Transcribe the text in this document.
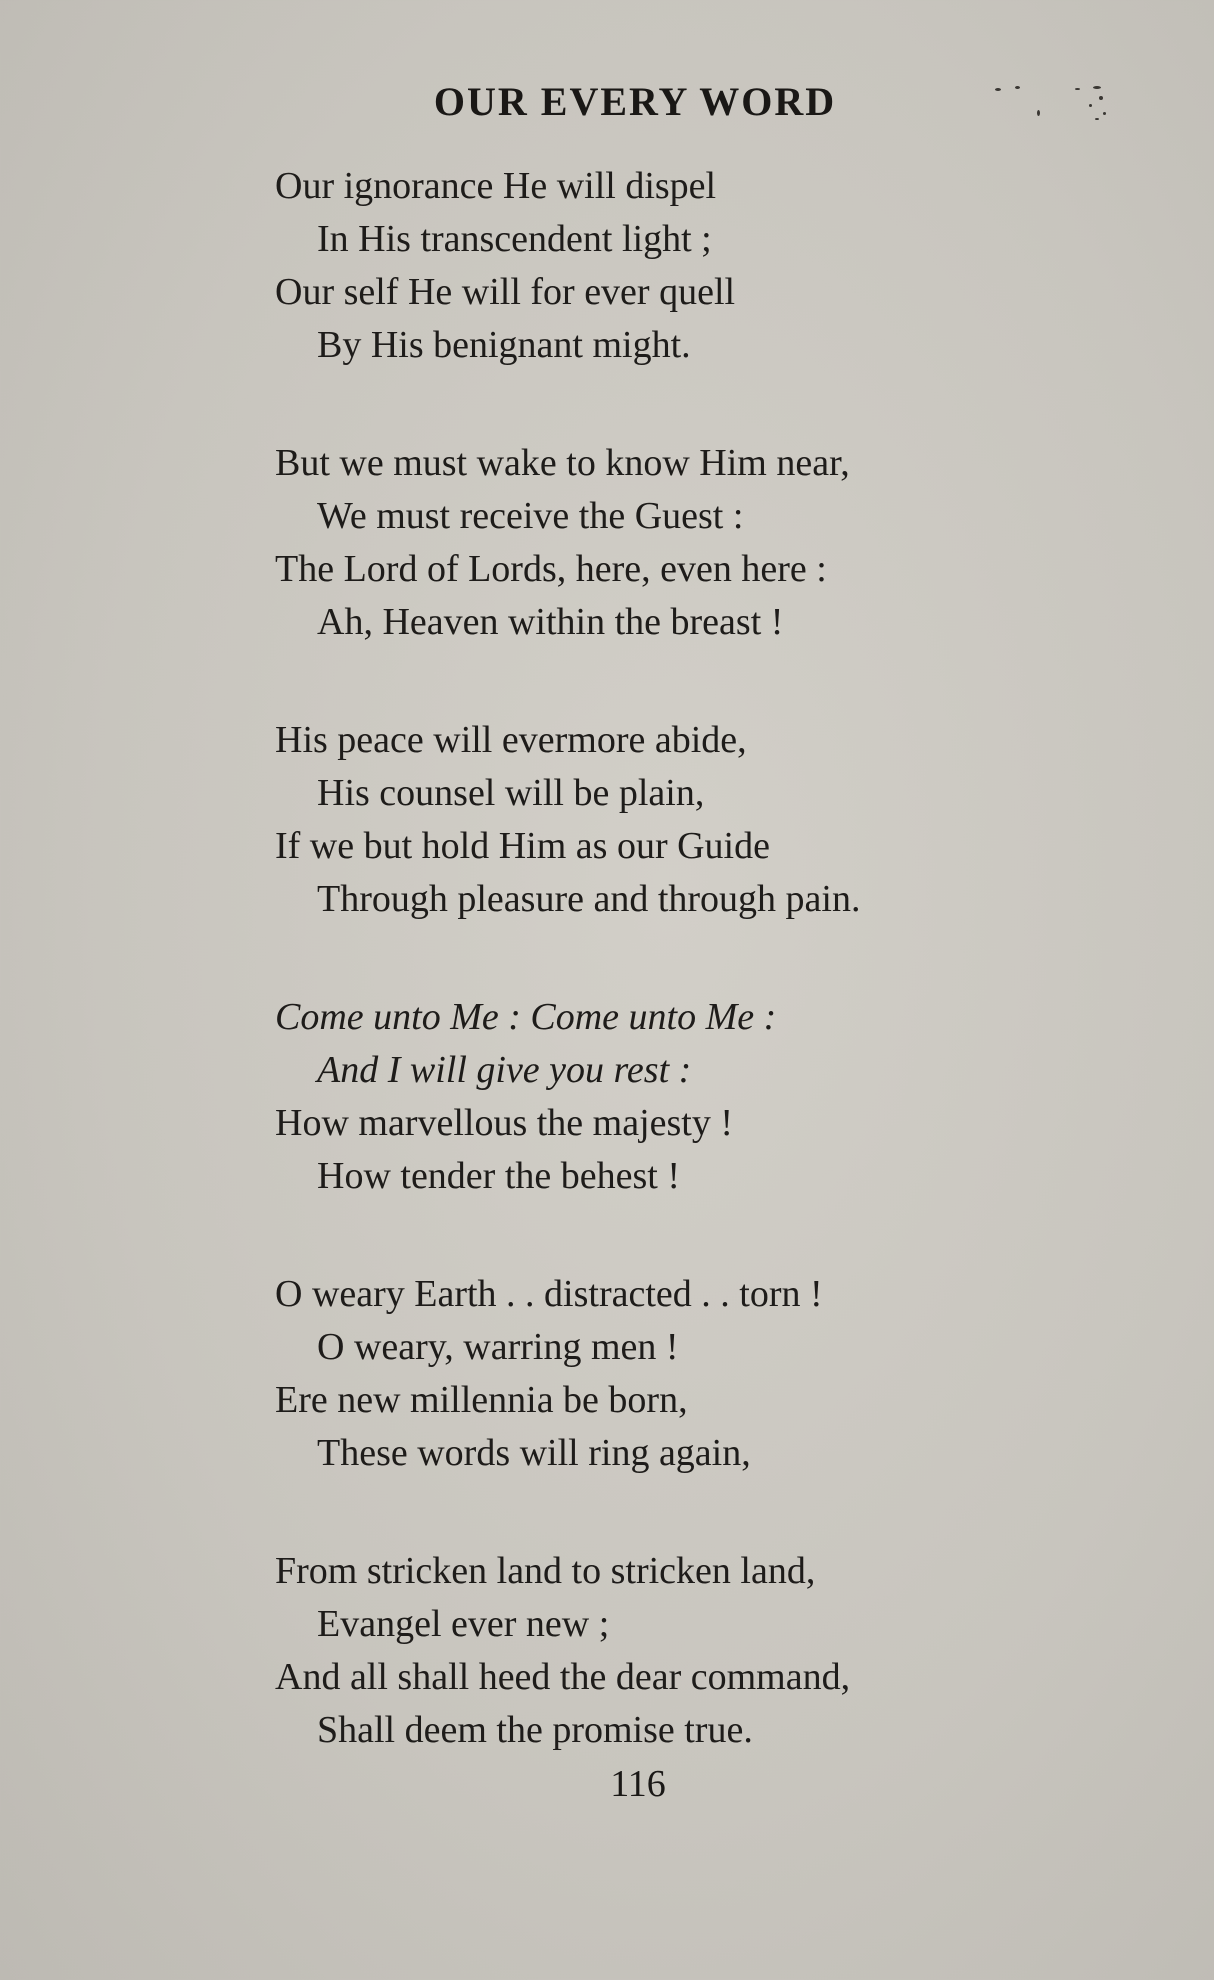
OUR EVERY WORD
Our ignorance He will dispel
In His transcendent light ;
Our self He will for ever quell
By His benignant might.
But we must wake to know Him near,
We must receive the Guest :
The Lord of Lords, here, even here :
Ah, Heaven within the breast !
His peace will evermore abide,
His counsel will be plain,
If we but hold Him as our Guide
Through pleasure and through pain.
Come unto Me : Come unto Me :
And I will give you rest :
How marvellous the majesty !
How tender the behest !
O weary Earth . . distracted . . torn !
O weary, warring men !
Ere new millennia be born,
These words will ring again,
From stricken land to stricken land,
Evangel ever new ;
And all shall heed the dear command,
Shall deem the promise true.
116
